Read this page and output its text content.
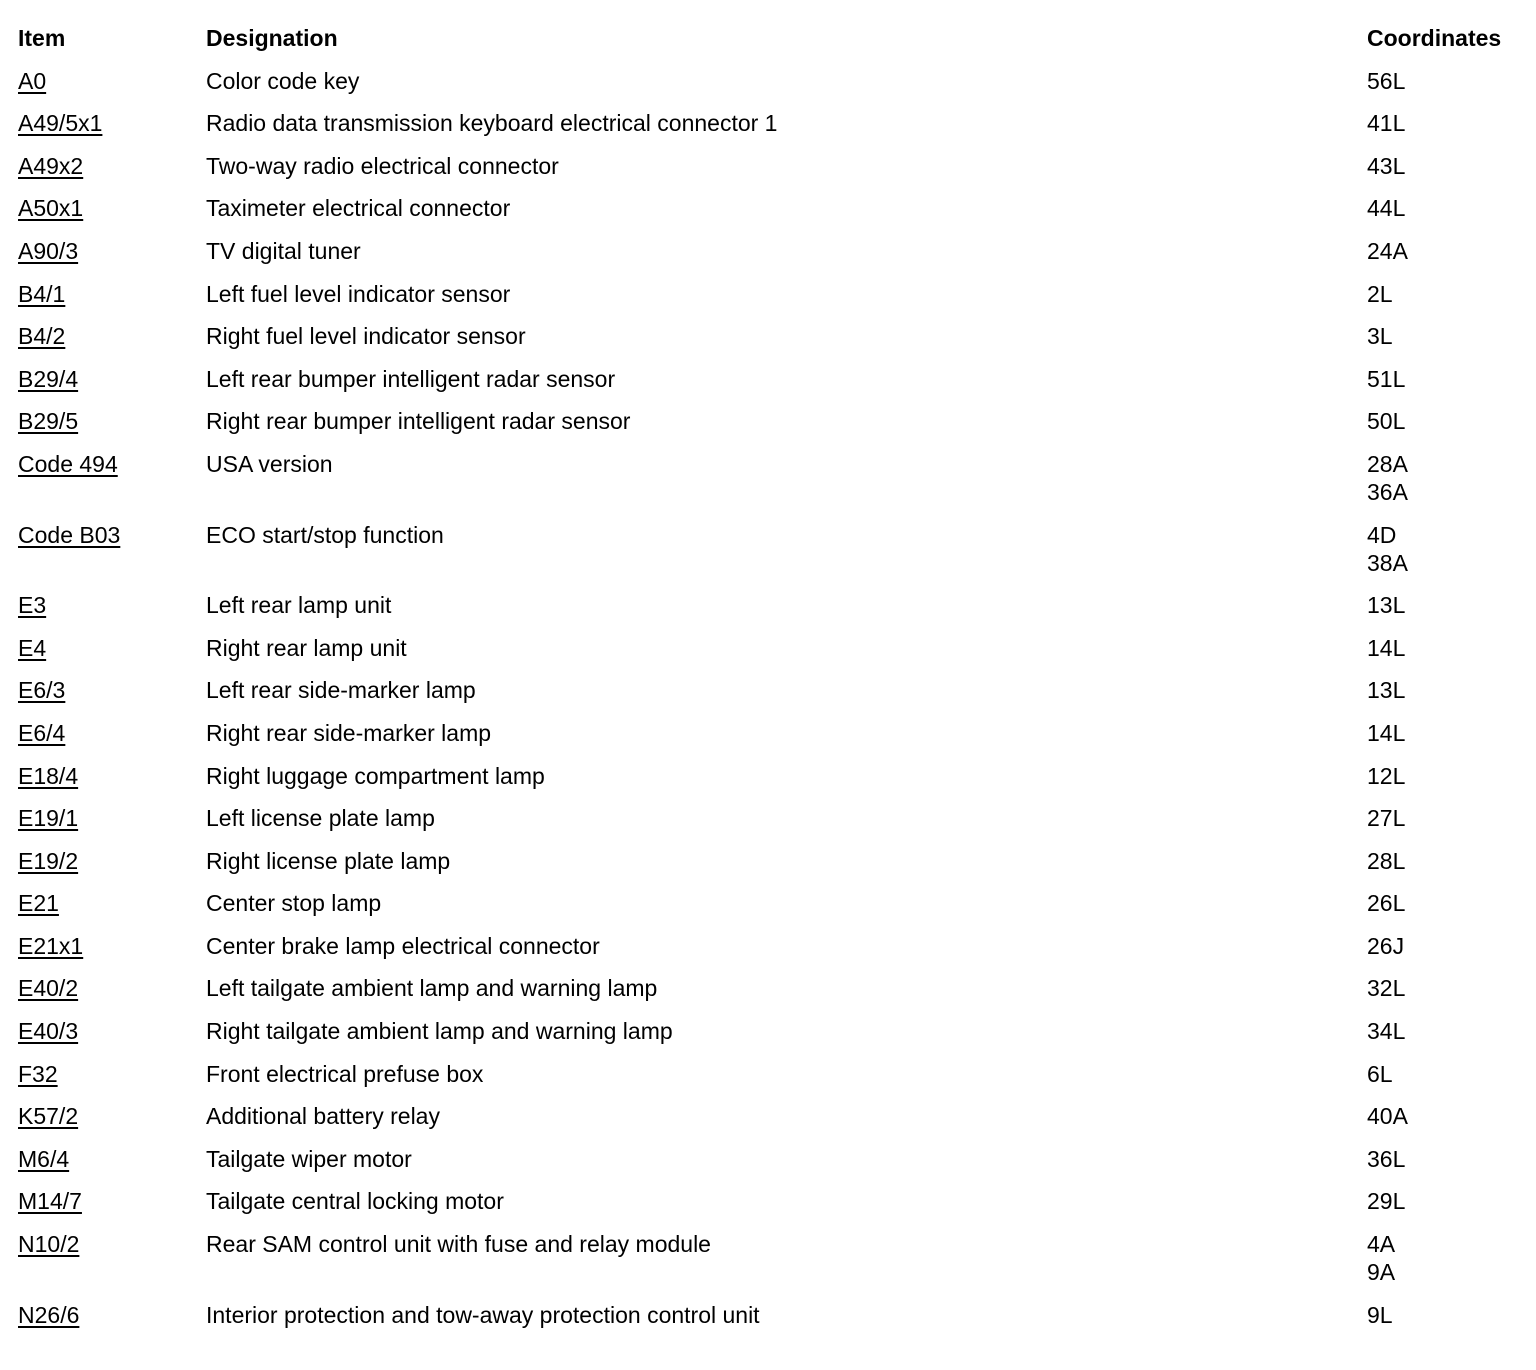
Item	Designation	Coordinates
A0	Color code key	56L
A49/5x1	Radio data transmission keyboard electrical connector 1	41L
A49x2	Two-way radio electrical connector	43L
A50x1	Taximeter electrical connector	44L
A90/3	TV digital tuner	24A
B4/1	Left fuel level indicator sensor	2L
B4/2	Right fuel level indicator sensor	3L
B29/4	Left rear bumper intelligent radar sensor	51L
B29/5	Right rear bumper intelligent radar sensor	50L
Code 494	USA version	28A
36A
Code B03	ECO start/stop function	4D
38A
E3	Left rear lamp unit	13L
E4	Right rear lamp unit	14L
E6/3	Left rear side-marker lamp	13L
E6/4	Right rear side-marker lamp	14L
E18/4	Right luggage compartment lamp	12L
E19/1	Left license plate lamp	27L
E19/2	Right license plate lamp	28L
E21	Center stop lamp	26L
E21x1	Center brake lamp electrical connector	26J
E40/2	Left tailgate ambient lamp and warning lamp	32L
E40/3	Right tailgate ambient lamp and warning lamp	34L
F32	Front electrical prefuse box	6L
K57/2	Additional battery relay	40A
M6/4	Tailgate wiper motor	36L
M14/7	Tailgate central locking motor	29L
N10/2	Rear SAM control unit with fuse and relay module	4A
9A
N26/6	Interior protection and tow-away protection control unit	9L
